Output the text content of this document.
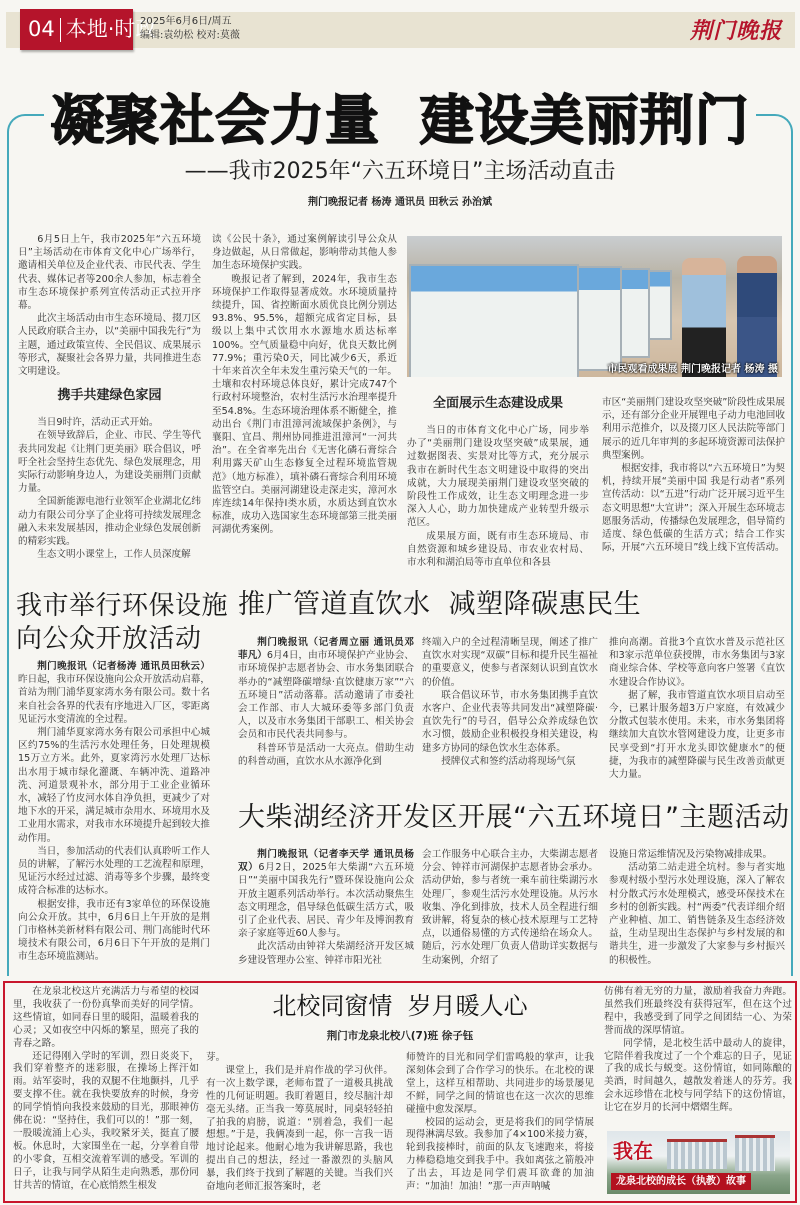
04 本地·时政
2025年6月6日/周五
编辑:袁幼松 校对:莫薇	荆门晚报
凝聚社会力量  建设美丽荆门
——我市2025年“六五环境日”主场活动直击
荆门晚报记者 杨涛 通讯员 田秋云 孙治斌

6月5日上午，我市2025年“六五环境日”主场活动在市体育文化中心广场举行，邀请相关单位及企业代表、市民代表、学生代表、媒体记者等200余人参加，标志着全市生态环境保护系列宣传活动正式拉开序幕。

此次主场活动由市生态环境局、掇刀区人民政府联合主办，以“美丽中国我先行”为主题，通过政策宣传、全民倡议、成果展示等形式，凝聚社会各界力量，共同推进生态文明建设。

携手共建绿色家园

当日9时许，活动正式开始。

在领导致辞后，企业、市民、学生等代表共同发起《让荆门更美丽》联合倡议，呼吁全社会坚持生态优先、绿色发展理念，用实际行动影响身边人，为建设美丽荆门贡献力量。

全国新能源电池行业领军企业湖北亿纬动力有限公司分享了企业将可持续发展理念融入未来发展基因，推动企业绿色发展创新的精彩实践。

生态文明小课堂上，工作人员深度解

读《公民十条》，通过案例解读引导公众从身边做起，从日常做起，影响带动其他人参加生态环境保护实践。

晚报记者了解到，2024年，我市生态环境保护工作取得显著成效。水环境质量持续提升，国、省控断面水质优良比例分别达93.8%、95.5%，超额完成省定目标，县级以上集中式饮用水水源地水质达标率100%。空气质量稳中向好，优良天数比例77.9%；重污染0天，同比减少6天，系近十年来首次全年未发生重污染天气的一年。土壤和农村环境总体良好，累计完成747个行政村环境整治，农村生活污水治理率提升至54.8%。生态环境治理体系不断健全，推动出台《荆门市沮漳河流域保护条例》，与襄阳、宜昌、荆州协同推进沮漳河“一河共治”。在全省率先出台《无害化磷石膏综合利用露天矿山生态修复全过程环境监管规范》（地方标准），填补磷石膏综合利用环境监管空白。美丽河湖建设走深走实，漳河水库连续14年保持Ⅰ类水质，水质达到直饮水标准，成功入选国家生态环境部第三批美丽河湖优秀案例。

市民观看成果展 荆门晚报记者 杨涛 摄

全面展示生态建设成果

当日的市体育文化中心广场，同步举办了“美丽荆门建设攻坚突破”成果展，通过数据图表、实景对比等方式，充分展示我市在新时代生态文明建设中取得的突出成就，大力展现美丽荆门建设攻坚突破的阶段性工作成效，让生态文明理念进一步深入人心，助力加快建成产业转型升级示范区。

成果展方面，既有市生态环境局、市自然资源和城乡建设局、市农业农村局、市水利和湖泊局等市直单位和各县

市区“美丽荆门建设攻坚突破”阶段性成果展示，还有部分企业开展锂电子动力电池回收利用示范推介，以及掇刀区人民法院等部门展示的近几年审判的多起环境资源司法保护典型案例。

根据安排，我市将以“六五环境日”为契机，持续开展“美丽中国 我是行动者”系列宣传活动：以“五进”行动广泛开展习近平生态文明思想“大宣讲”；深入开展生态环境志愿服务活动，传播绿色发展理念，倡导简约适度、绿色低碳的生活方式；结合工作实际，开展“六五环境日”线上线下宣传活动。

我市举行环保设施向公众开放活动

荆门晚报讯（记者杨涛 通讯员田秋云）昨日起，我市环保设施向公众开放活动启幕，首站为荆门浦华夏家湾水务有限公司。数十名来自社会各界的代表有序地进入厂区，零距离见证污水变清流的全过程。

荆门浦华夏家湾水务有限公司承担中心城区约75%的生活污水处理任务，日处理规模15万立方米。此外，夏家湾污水处理厂达标出水用于城市绿化灌溉、车辆冲洗、道路冲洗、河道景观补水，部分用于工业企业循环水，减轻了竹皮河水体自净负担，更减少了对地下水的开采，满足城市杂用水、环境用水及工业用水需求，对我市水环境提升起到较大推动作用。

当日，参加活动的代表们认真聆听工作人员的讲解，了解污水处理的工艺流程和原理，见证污水经过过滤、消毒等多个步骤，最终变成符合标准的达标水。

根据安排，我市还有3家单位的环保设施向公众开放。其中，6月6日上午开放的是荆门市格林美新材料有限公司、荆门高能时代环境技术有限公司，6月6日下午开放的是荆门市生态环境监测站。

推广管道直饮水  减塑降碳惠民生

荆门晚报讯（记者周立丽 通讯员邓菲凡）6月4日，由市环境保护产业协会、市环境保护志愿者协会、市水务集团联合举办的“减塑降碳增绿·直饮健康万家”“六五环境日”活动落幕。活动邀请了市委社会工作部、市人大城环委等多部门负责人，以及市水务集团干部职工、相关协会会员和市民代表共同参与。

科普环节是活动一大亮点。借助生动的科普动画，直饮水从水源净化到

终端入户的全过程清晰呈现，阐述了推广直饮水对实现“双碳”目标和提升民生福祉的重要意义，使参与者深刻认识到直饮水的价值。

联合倡议环节，市水务集团携手直饮水客户、企业代表等共同发出“减塑降碳·直饮先行”的号召，倡导公众养成绿色饮水习惯，鼓励企业积极投身相关建设，构建多方协同的绿色饮水生态体系。

授牌仪式和签约活动将现场气氛

推向高潮。首批3个直饮水普及示范社区和3家示范单位获授牌，市水务集团与3家商业综合体、学校等意向客户签署《直饮水建设合作协议》。

据了解，我市管道直饮水项目启动至今，已累计服务超3万户家庭，有效减少分散式包装水使用。未来，市水务集团将继续加大直饮水管网建设力度，让更多市民享受到“打开水龙头即饮健康水”的便捷，为我市的减塑降碳与民生改善贡献更大力量。

大柴湖经济开发区开展“六五环境日”主题活动

荆门晚报讯（记者李天学 通讯员杨双）6月2日，2025年大柴湖“六五环境日”“美丽中国我先行”暨环保设施向公众开放主题系列活动举行。本次活动聚焦生态文明理念，倡导绿色低碳生活方式，吸引了企业代表、居民、青少年及博润教育亲子家庭等近60人参与。

此次活动由钟祥大柴湖经济开发区城乡建设管理办公室、钟祥市阳光社

会工作服务中心联合主办，大柴湖志愿者分会、钟祥市河湖保护志愿者协会承办。活动伊始，参与者统一乘车前往柴湖污水处理厂，参观生活污水处理设施。从污水收集、净化到排放，技术人员全程进行细致讲解，将复杂的核心技术原理与工艺特点，以通俗易懂的方式传递给在场众人。随后，污水处理厂负责人借助详实数据与生动案例，介绍了

设施日常运维情况及污染物减排成果。

活动第二站走进全坑村。参与者实地参观村级小型污水处理设施，深入了解农村分散式污水处理模式，感受环保技术在乡村的创新实践。村“两委”代表详细介绍产业种植、加工、销售链条及生态经济效益，生动呈现出生态保护与乡村发展的和谐共生，进一步激发了大家参与乡村振兴的积极性。

北校同窗情  岁月暖人心
荆门市龙泉北校八(7)班 徐子钰

在龙泉北校这片充满活力与希望的校园里，我收获了一份份真挚而美好的同学情。这些情谊，如同春日里的暖阳，温暖着我的心灵；又如夜空中闪烁的繁星，照亮了我的青春之路。

还记得刚入学时的军训，烈日炎炎下，我们穿着整齐的迷彩服，在操场上挥汗如雨。站军姿时，我的双腿不住地颤抖，几乎要支撑不住。就在我快要放弃的时候，身旁的同学悄悄向我投来鼓励的目光，那眼神仿佛在说：“坚持住，我们可以的！”那一刻，一股暖流涌上心头，我咬紧牙关，挺直了腰板。休息时，大家围坐在一起，分享着自带的小零食，互相交流着军训的感受。军训的日子，让我与同学从陌生走向熟悉，那份同甘共苦的情谊，在心底悄然生根发

芽。

课堂上，我们是并肩作战的学习伙伴。有一次上数学课，老师布置了一道极具挑战性的几何证明题。我盯着题目，绞尽脑汁却毫无头绪。正当我一筹莫展时，同桌轻轻拍了拍我的肩膀，说道：“别着急，我们一起想想。”于是，我俩凑到一起，你一言我一语地讨论起来。他耐心地为我讲解思路，我也提出自己的想法，经过一番激烈的头脑风暴，我们终于找到了解题的关键。当我们兴奋地向老师汇报答案时，老

师赞许的目光和同学们雷鸣般的掌声，让我深刻体会到了合作学习的快乐。在北校的课堂上，这样互相帮助、共同进步的场景屡见不鲜，同学之间的情谊也在这一次次的思维碰撞中愈发深厚。

校园的运动会，更是将我们的同学情展现得淋漓尽致。我参加了4×100米接力赛，轮到我接棒时，前面的队友飞速跑来，将接力棒稳稳地交到我手中。我如离弦之箭般冲了出去，耳边是同学们震耳欲聋的加油声：“加油！加油！”那一声声呐喊

仿佛有着无穷的力量，激励着我奋力奔跑。虽然我们班最终没有获得冠军，但在这个过程中，我感受到了同学之间团结一心、为荣誉而战的深厚情谊。

同学情，是北校生活中最动人的旋律，它陪伴着我度过了一个个难忘的日子，见证了我的成长与蜕变。这份情谊，如同陈酿的美酒，时间越久，越散发着迷人的芬芳。我会永远珍惜在北校与同学结下的这份情谊，让它在岁月的长河中熠熠生辉。

我在
龙泉北校的成长（执教）故事
